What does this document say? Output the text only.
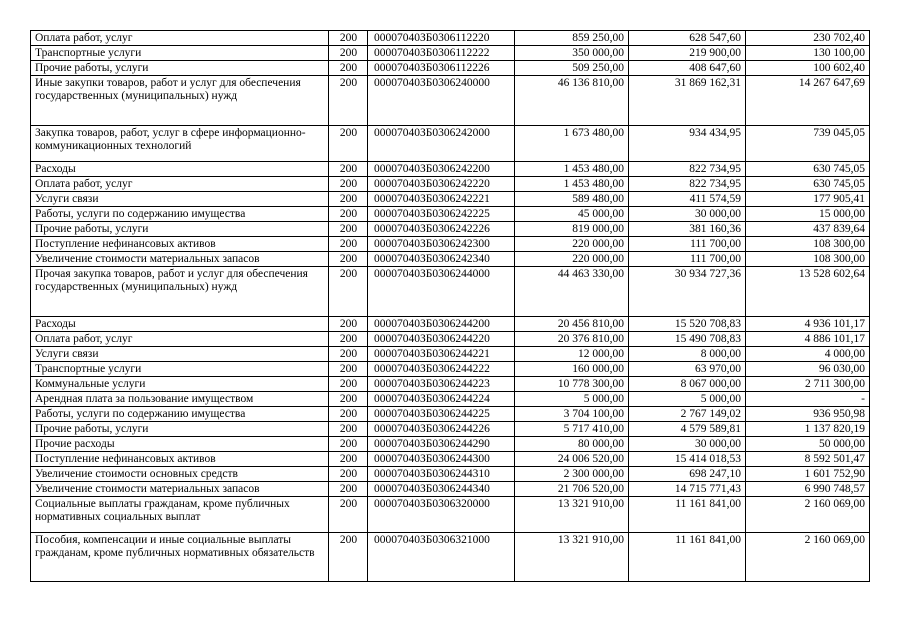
Оплата работ, услуг	200	00007040ЗБ0306112220	859 250,00	628 547,60	230 702,40
Транспортные услуги	200	00007040ЗБ0306112222	350 000,00	219 900,00	130 100,00
Прочие работы, услуги	200	00007040ЗБ0306112226	509 250,00	408 647,60	100 602,40
Иные закупки товаров, работ и услуг для обеспечения государственных (муниципальных) нужд	200	00007040ЗБ0306240000	46 136 810,00	31 869 162,31	14 267 647,69
Закупка товаров, работ, услуг в сфере информационно-коммуникационных технологий	200	00007040ЗБ0306242000	1 673 480,00	934 434,95	739 045,05
Расходы	200	00007040ЗБ0306242200	1 453 480,00	822 734,95	630 745,05
Оплата работ, услуг	200	00007040ЗБ0306242220	1 453 480,00	822 734,95	630 745,05
Услуги связи	200	00007040ЗБ0306242221	589 480,00	411 574,59	177 905,41
Работы, услуги по содержанию имущества	200	00007040ЗБ0306242225	45 000,00	30 000,00	15 000,00
Прочие работы, услуги	200	00007040ЗБ0306242226	819 000,00	381 160,36	437 839,64
Поступление нефинансовых активов	200	00007040ЗБ0306242300	220 000,00	111 700,00	108 300,00
Увеличение стоимости материальных запасов	200	00007040ЗБ0306242340	220 000,00	111 700,00	108 300,00
Прочая закупка товаров, работ и услуг для обеспечения государственных (муниципальных) нужд	200	00007040ЗБ0306244000	44 463 330,00	30 934 727,36	13 528 602,64
Расходы	200	00007040ЗБ0306244200	20 456 810,00	15 520 708,83	4 936 101,17
Оплата работ, услуг	200	00007040ЗБ0306244220	20 376 810,00	15 490 708,83	4 886 101,17
Услуги связи	200	00007040ЗБ0306244221	12 000,00	8 000,00	4 000,00
Транспортные услуги	200	00007040ЗБ0306244222	160 000,00	63 970,00	96 030,00
Коммунальные услуги	200	00007040ЗБ0306244223	10 778 300,00	8 067 000,00	2 711 300,00
Арендная плата за пользование имуществом	200	00007040ЗБ0306244224	5 000,00	5 000,00	-
Работы, услуги по содержанию имущества	200	00007040ЗБ0306244225	3 704 100,00	2 767 149,02	936 950,98
Прочие работы, услуги	200	00007040ЗБ0306244226	5 717 410,00	4 579 589,81	1 137 820,19
Прочие расходы	200	00007040ЗБ0306244290	80 000,00	30 000,00	50 000,00
Поступление нефинансовых активов	200	00007040ЗБ0306244300	24 006 520,00	15 414 018,53	8 592 501,47
Увеличение стоимости основных средств	200	00007040ЗБ0306244310	2 300 000,00	698 247,10	1 601 752,90
Увеличение стоимости материальных запасов	200	00007040ЗБ0306244340	21 706 520,00	14 715 771,43	6 990 748,57
Социальные выплаты гражданам, кроме публичных нормативных социальных выплат	200	00007040ЗБ0306320000	13 321 910,00	11 161 841,00	2 160 069,00
Пособия, компенсации и иные социальные выплаты гражданам, кроме публичных нормативных обязательств	200	00007040ЗБ0306321000	13 321 910,00	11 161 841,00	2 160 069,00
